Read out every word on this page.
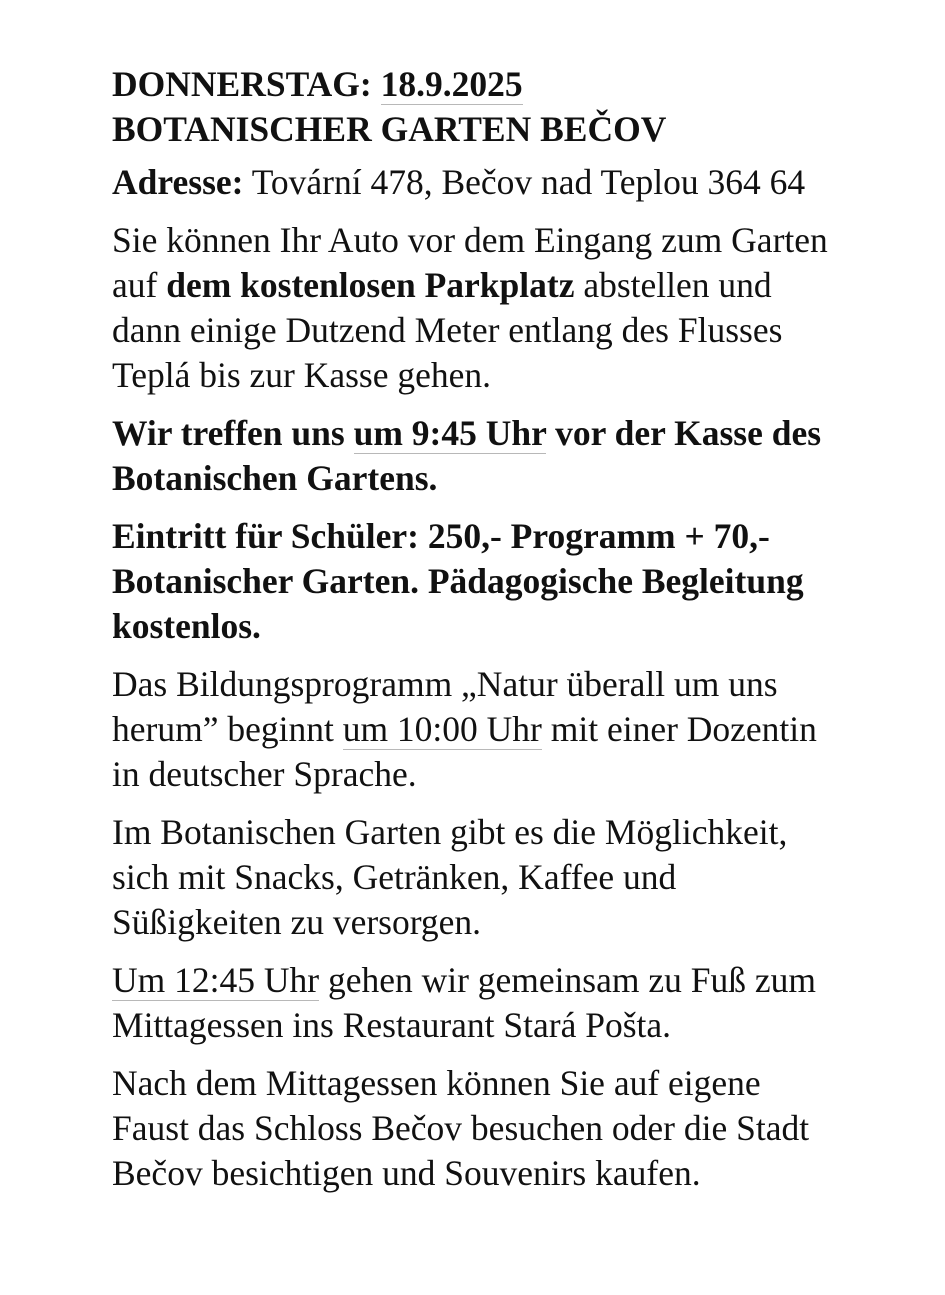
DONNERSTAG: 18.9.2025
BOTANISCHER GARTEN BEČOV

Adresse: Tovární 478, Bečov nad Teplou 364 64

Sie können Ihr Auto vor dem Eingang zum Garten auf dem kostenlosen Parkplatz abstellen und dann einige Dutzend Meter entlang des Flusses Teplá bis zur Kasse gehen.

Wir treffen uns um 9:45 Uhr vor der Kasse des Botanischen Gartens.

Eintritt für Schüler: 250,- Programm + 70,- Botanischer Garten. Pädagogische Begleitung kostenlos.

Das Bildungsprogramm „Natur überall um uns herum” beginnt um 10:00 Uhr mit einer Dozentin in deutscher Sprache.

Im Botanischen Garten gibt es die Möglichkeit, sich mit Snacks, Getränken, Kaffee und Süßigkeiten zu versorgen.

Um 12:45 Uhr gehen wir gemeinsam zu Fuß zum Mittagessen ins Restaurant Stará Pošta.

Nach dem Mittagessen können Sie auf eigene Faust das Schloss Bečov besuchen oder die Stadt Bečov besichtigen und Souvenirs kaufen.
